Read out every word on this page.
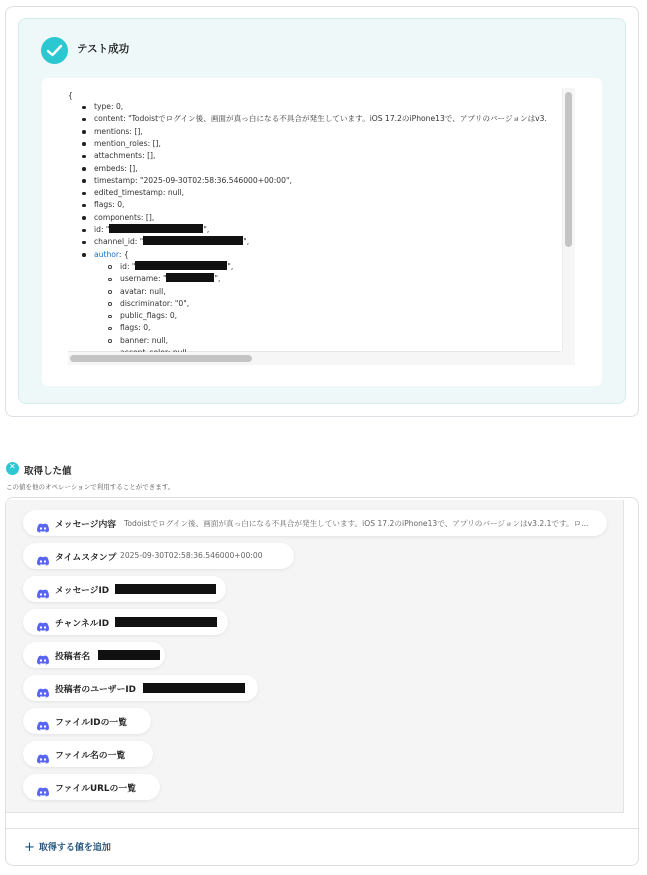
テスト成功
{
type: 0,
content: "Todoistでログイン後、画面が真っ白になる不具合が発生しています。iOS 17.2のiPhone13で、アプリのバージョンはv3.
mentions: [],
mention_roles: [],
attachments: [],
embeds: [],
timestamp: "2025-09-30T02:58:36.546000+00:00",
edited_timestamp: null,
flags: 0,
components: [],
id: "	",
channel_id: "	",
author: {
id: "	",
username: "	",
avatar: null,
discriminator: "0",
public_flags: 0,
flags: 0,
banner: null,
✕ 取得した値
この値を他のオペレーションで利用することができます。
メッセージ内容 Todoistでログイン後、画面が真っ白になる不具合が発生しています。iOS 17.2のiPhone13で、アプリのバージョンはv3.2.1です。ロ...
タイムスタンプ 2025-09-30T02:58:36.546000+00:00
メッセージID
チャンネルID
投稿者名
投稿者のユーザーID
ファイルIDの一覧
ファイル名の一覧
ファイルURLの一覧
+ 取得する値を追加
